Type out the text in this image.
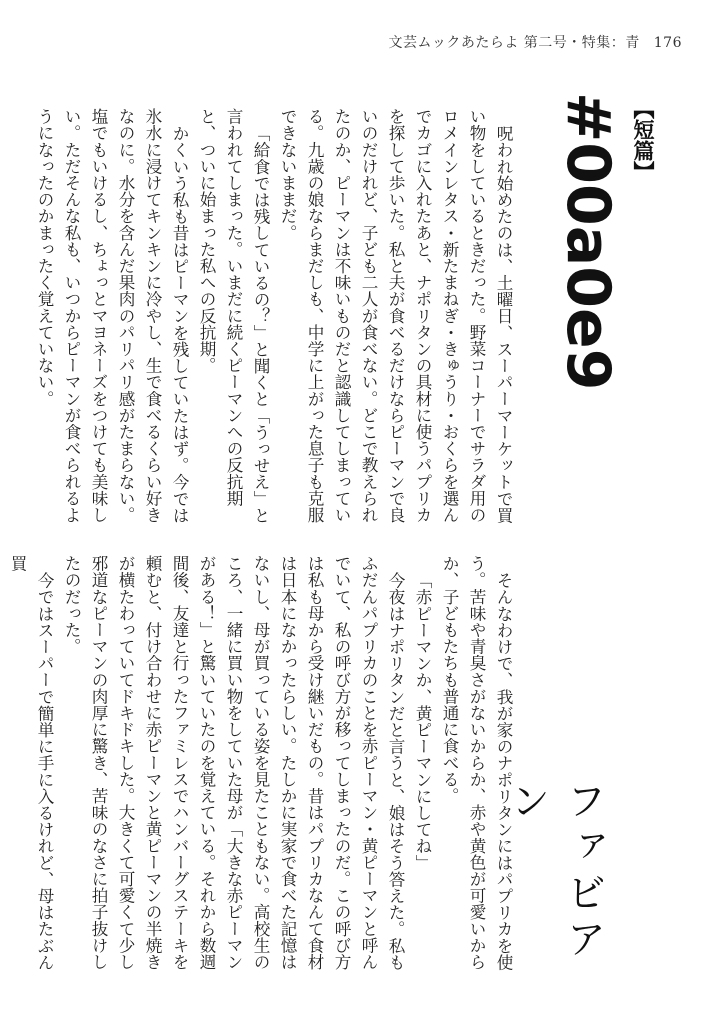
文芸ムックあたらよ 第二号・特集：青 176
【短篇】
#00a0e9
ファビアン

呪われ始めたのは、土曜日、スーパーマーケットで買い物をしているときだった。野菜コーナーでサラダ用のロメインレタス・新たまねぎ・きゅうり・おくらを選んでカゴに入れたあと、ナポリタンの具材に使うパプリカを探して歩いた。私と夫が食べるだけならピーマンで良いのだけれど、子ども二人が食べない。どこで教えられたのか、ピーマンは不味いものだと認識してしまっている。九歳の娘ならまだしも、中学に上がった息子も克服できないままだ。

「給食では残しているの？」と聞くと「うっせえ」と言われてしまった。いまだに続くピーマンへの反抗期と、ついに始まった私への反抗期。

かくいう私も昔はピーマンを残していたはず。今では氷水に浸けてキンキンに冷やし、生で食べるくらい好きなのに。水分を含んだ果肉のパリパリ感がたまらない。塩でもいけるし、ちょっとマヨネーズをつけても美味しい。ただそんな私も、いつからピーマンが食べられるようになったのかまったく覚えていない。

そんなわけで、我が家のナポリタンにはパプリカを使う。苦味や青臭さがないからか、赤や黄色が可愛いからか、子どもたちも普通に食べる。

「赤ピーマンか、黄ピーマンにしてね」

今夜はナポリタンだと言うと、娘はそう答えた。私もふだんパプリカのことを赤ピーマン・黄ピーマンと呼んでいて、私の呼び方が移ってしまったのだ。この呼び方は私も母から受け継いだもの。昔はパプリカなんて食材は日本になかったらしい。たしかに実家で食べた記憶はないし、母が買っている姿を見たこともない。高校生のころ、一緒に買い物をしていた母が「大きな赤ピーマンがある！」と驚いていたのを覚えている。それから数週間後、友達と行ったファミレスでハンバーグステーキを頼むと、付け合わせに赤ピーマンと黄ピーマンの半焼きが横たわっていてドキドキした。大きくて可愛くて少し邪道なピーマンの肉厚に驚き、苦味のなさに拍子抜けしたのだった。

今ではスーパーで簡単に手に入るけれど、母はたぶん買
